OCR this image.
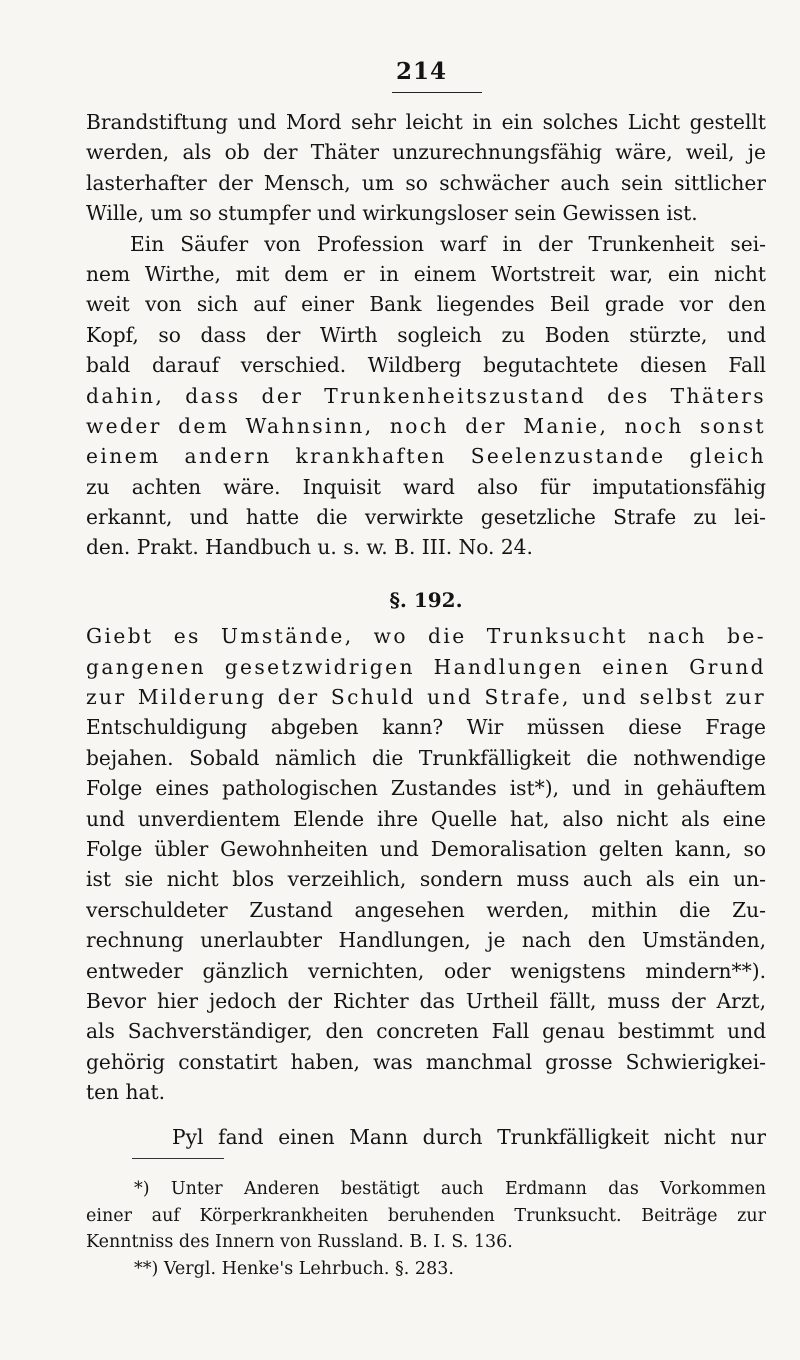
214
Brandstiftung und Mord sehr leicht in ein solches Licht gestellt
werden, als ob der Thäter unzurechnungsfähig wäre, weil, je
lasterhafter der Mensch, um so schwächer auch sein sittlicher
Wille, um so stumpfer und wirkungsloser sein Gewissen ist.
Ein Säufer von Profession warf in der Trunkenheit sei-
nem Wirthe, mit dem er in einem Wortstreit war, ein nicht
weit von sich auf einer Bank liegendes Beil grade vor den
Kopf, so dass der Wirth sogleich zu Boden stürzte, und
bald darauf verschied. Wildberg begutachtete diesen Fall
dahin, dass der Trunkenheitszustand des Thäters
weder dem Wahnsinn, noch der Manie, noch sonst
einem andern krankhaften Seelenzustande gleich
zu achten wäre. Inquisit ward also für imputationsfähig
erkannt, und hatte die verwirkte gesetzliche Strafe zu lei-
den. Prakt. Handbuch u. s. w. B. III. No. 24.
§. 192.
Giebt es Umstände, wo die Trunksucht nach be-
gangenen gesetzwidrigen Handlungen einen Grund
zur Milderung der Schuld und Strafe, und selbst zur
Entschuldigung abgeben kann? Wir müssen diese Frage
bejahen. Sobald nämlich die Trunkfälligkeit die nothwendige
Folge eines pathologischen Zustandes ist*), und in gehäuftem
und unverdientem Elende ihre Quelle hat, also nicht als eine
Folge übler Gewohnheiten und Demoralisation gelten kann, so
ist sie nicht blos verzeihlich, sondern muss auch als ein un-
verschuldeter Zustand angesehen werden, mithin die Zu-
rechnung unerlaubter Handlungen, je nach den Umständen,
entweder gänzlich vernichten, oder wenigstens mindern**).
Bevor hier jedoch der Richter das Urtheil fällt, muss der Arzt,
als Sachverständiger, den concreten Fall genau bestimmt und
gehörig constatirt haben, was manchmal grosse Schwierigkei-
ten hat.
Pyl fand einen Mann durch Trunkfälligkeit nicht nur
*) Unter Anderen bestätigt auch Erdmann das Vorkommen
einer auf Körperkrankheiten beruhenden Trunksucht. Beiträge zur
Kenntniss des Innern von Russland. B. I. S. 136.
**) Vergl. Henke's Lehrbuch. §. 283.
